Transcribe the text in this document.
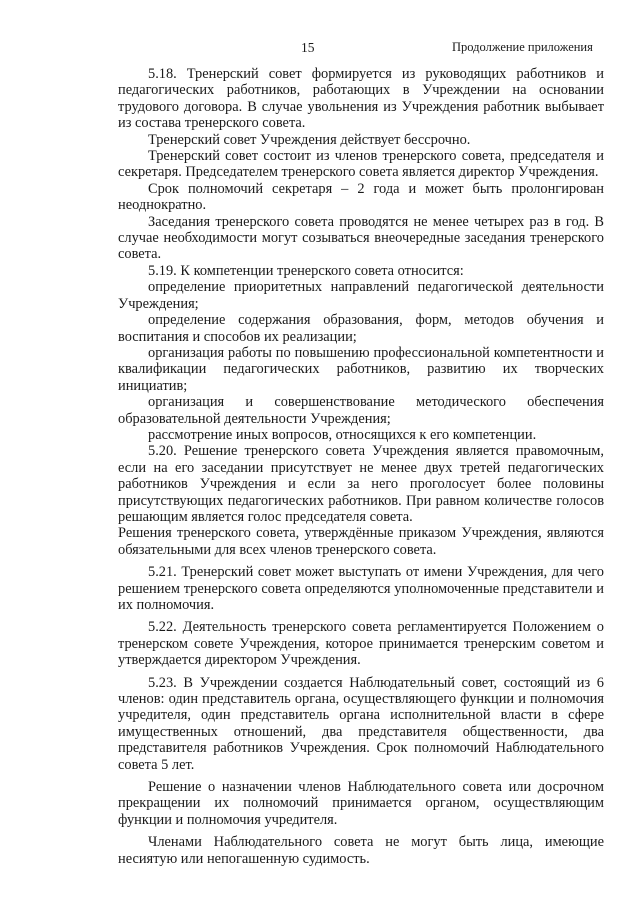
15	Продолжение приложения

5.18. Тренерский совет формируется из руководящих работников и педагогических работников, работающих в Учреждении на основании трудового договора. В случае увольнения из Учреждения работник выбывает из состава тренерского совета.

Тренерский совет Учреждения действует бессрочно.

Тренерский совет состоит из членов тренерского совета, председателя и секретаря. Председателем тренерского совета является директор Учреждения.

Срок полномочий секретаря – 2 года и может быть пролонгирован неоднократно.

Заседания тренерского совета проводятся не менее четырех раз в год. В случае необходимости могут созываться внеочередные заседания тренерского совета.

5.19. К компетенции тренерского совета относится:

определение приоритетных направлений педагогической деятельности Учреждения;

определение содержания образования, форм, методов обучения и воспитания и способов их реализации;

организация работы по повышению профессиональной компетентности и квалификации педагогических работников, развитию их творческих инициатив;

организация и совершенствование методического обеспечения образовательной деятельности Учреждения;

рассмотрение иных вопросов, относящихся к его компетенции.

5.20. Решение тренерского совета Учреждения является правомочным, если на его заседании присутствует не менее двух третей педагогических работников Учреждения и если за него проголосует более половины присутствующих педагогических работников. При равном количестве голосов решающим является голос председателя совета.

Решения тренерского совета, утверждённые приказом Учреждения, являются обязательными для всех членов тренерского совета.

5.21. Тренерский совет может выступать от имени Учреждения, для чего решением тренерского совета определяются уполномоченные представители и их полномочия.

5.22. Деятельность тренерского совета регламентируется Положением о тренерском совете Учреждения, которое принимается тренерским советом и утверждается директором Учреждения.

5.23. В Учреждении создается Наблюдательный совет, состоящий из 6 членов: один представитель органа, осуществляющего функции и полномочия учредителя, один представитель органа исполнительной власти в сфере имущественных отношений, два представителя общественности, два представителя работников Учреждения. Срок полномочий Наблюдательного совета 5 лет.

Решение о назначении членов Наблюдательного совета или досрочном прекращении их полномочий принимается органом, осуществляющим функции и полномочия учредителя.

Членами Наблюдательного совета не могут быть лица, имеющие несиятую или непогашенную судимость.
